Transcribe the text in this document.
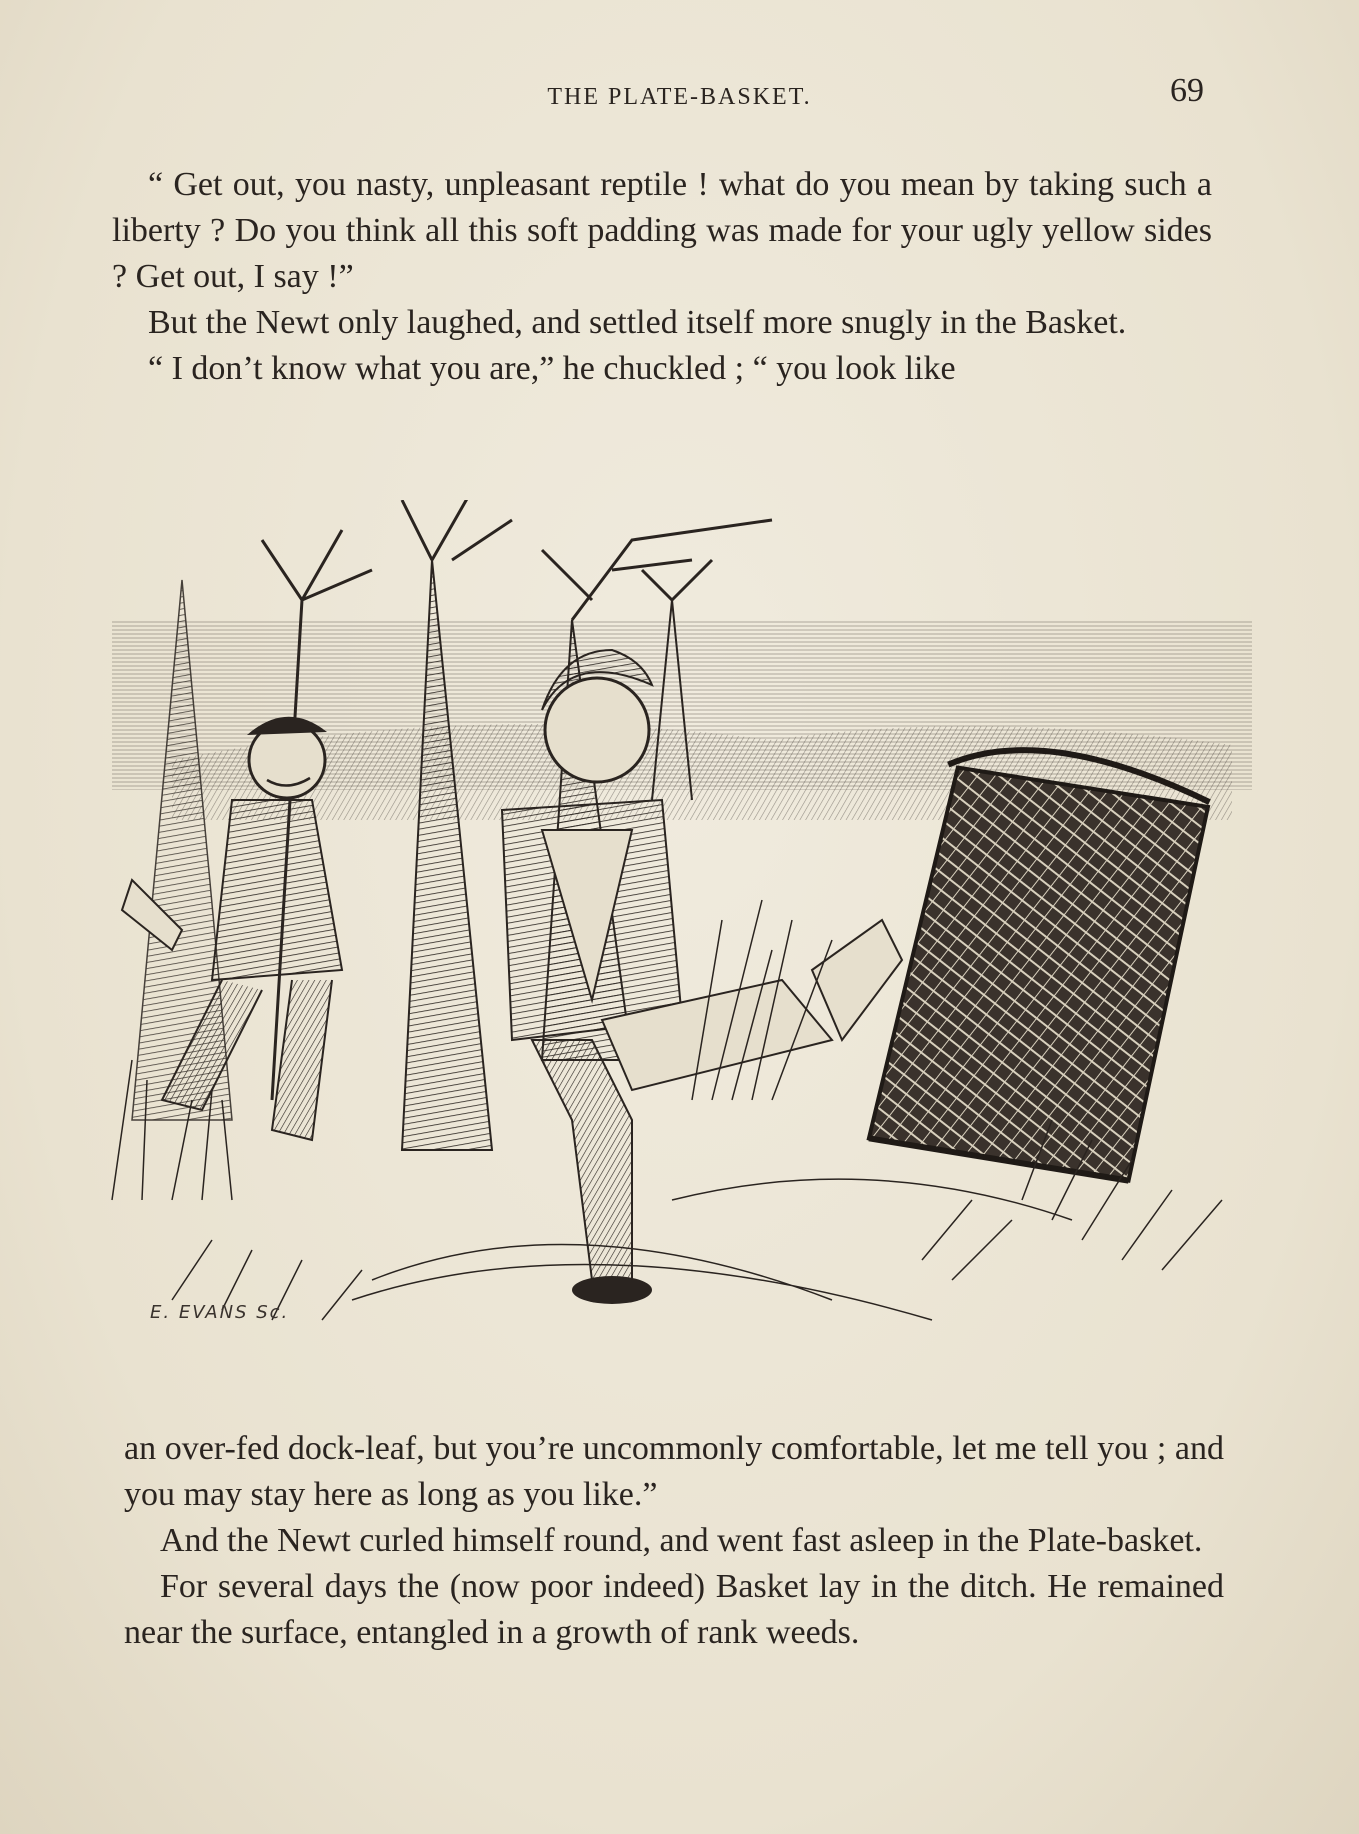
THE PLATE-BASKET.	69

“ Get out, you nasty, unpleasant reptile ! what do you mean by taking such a liberty ? Do you think all this soft padding was made for your ugly yellow sides ? Get out, I say !”

But the Newt only laughed, and settled itself more snugly in the Basket.

“ I don’t know what you are,” he chuckled ; “ you look like

E. EVANS Sc.

an over-fed dock-leaf, but you’re uncommonly comfortable, let me tell you ; and you may stay here as long as you like.”

And the Newt curled himself round, and went fast asleep in the Plate-basket.

For several days the (now poor indeed) Basket lay in the ditch. He remained near the surface, entangled in a growth of rank weeds.
